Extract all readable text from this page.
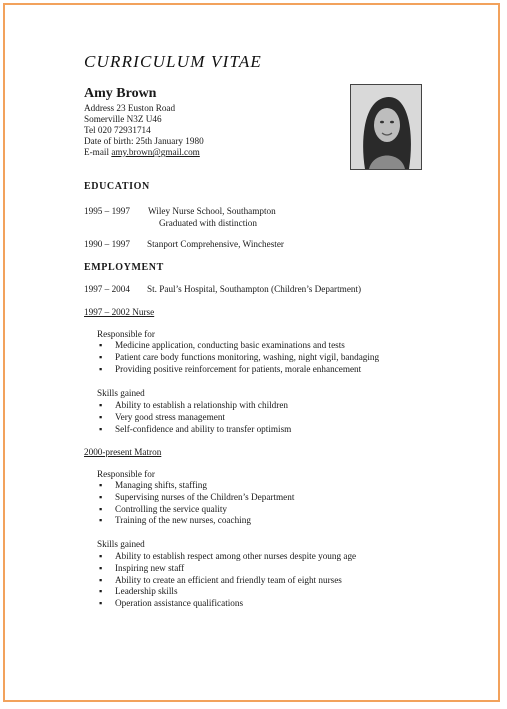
CURRICULUM VITAE
Amy Brown
Address 23 Euston Road
Somerville N3Z U46
Tel 020 72931714
Date of birth: 25th January 1980
E-mail amy.brown@gmail.com
EDUCATION
1995 – 1997 Wiley Nurse School, Southampton
Graduated with distinction
1990 – 1997 Stanport Comprehensive, Winchester
EMPLOYMENT
1997 – 2004 St. Paul’s Hospital, Southampton (Children’s Department)
1997 – 2002 Nurse
Responsible for
▪ Medicine application, conducting basic examinations and tests
▪ Patient care body functions monitoring, washing, night vigil, bandaging
▪ Providing positive reinforcement for patients, morale enhancement
Skills gained
▪ Ability to establish a relationship with children
▪ Very good stress management
▪ Self-confidence and ability to transfer optimism
2000-present Matron
Responsible for
▪ Managing shifts, staffing
▪ Supervising nurses of the Children’s Department
▪ Controlling the service quality
▪ Training of the new nurses, coaching
Skills gained
▪ Ability to establish respect among other nurses despite young age
▪ Inspiring new staff
▪ Ability to create an efficient and friendly team of eight nurses
▪ Leadership skills
▪ Operation assistance qualifications
